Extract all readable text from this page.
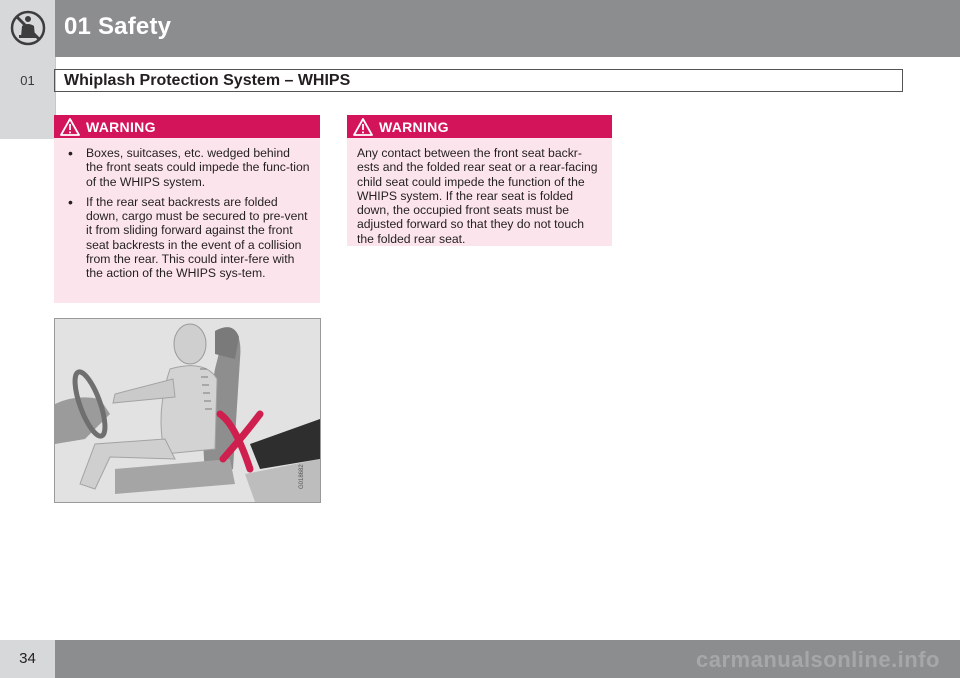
01 Safety
01	Whiplash Protection System – WHIPS
WARNING
• Boxes, suitcases, etc. wedged behind the front seats could impede the func-tion of the WHIPS system.
• If the rear seat backrests are folded down, cargo must be secured to pre-vent it from sliding forward against the front seat backrests in the event of a collision from the rear. This could inter-fere with the action of the WHIPS sys-tem.
WARNING
Any contact between the front seat backr-ests and the folded rear seat or a rear-facing child seat could impede the function of the WHIPS system. If the rear seat is folded down, the occupied front seats must be adjusted forward so that they do not touch the folded rear seat.
G018682
34	carmanualsonline.info
